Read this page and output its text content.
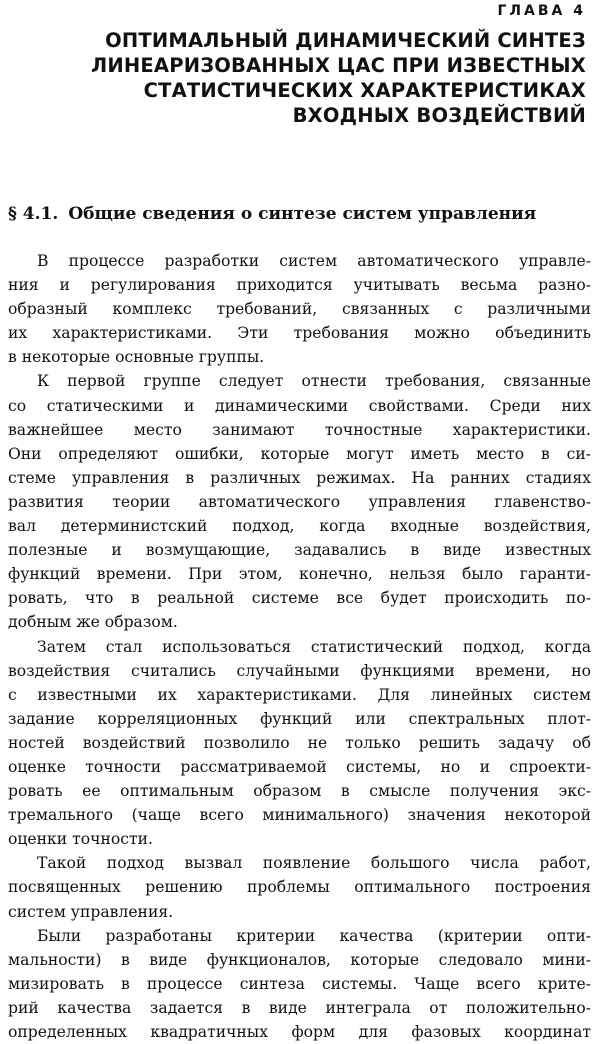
ГЛАВА 4
ОПТИМАЛЬНЫЙ ДИНАМИЧЕСКИЙ СИНТЕЗ
ЛИНЕАРИЗОВАННЫХ ЦАС ПРИ ИЗВЕСТНЫХ
СТАТИСТИЧЕСКИХ ХАРАКТЕРИСТИКАХ
ВХОДНЫХ ВОЗДЕЙСТВИЙ
§ 4.1. Общие сведения о синтезе систем управления
В процессе разработки систем автоматического управле-
ния и регулирования приходится учитывать весьма разно-
образный комплекс требований, связанных с различными
их характеристиками. Эти требования можно объединить
в некоторые основные группы.
К первой группе следует отнести требования, связанные
со статическими и динамическими свойствами. Среди них
важнейшее место занимают точностные характеристики.
Они определяют ошибки, которые могут иметь место в си-
стеме управления в различных режимах. На ранних стадиях
развития теории автоматического управления главенство-
вал детерминистский подход, когда входные воздействия,
полезные и возмущающие, задавались в виде известных
функций времени. При этом, конечно, нельзя было гаранти-
ровать, что в реальной системе все будет происходить по-
добным же образом.
Затем стал использоваться статистический подход, когда
воздействия считались случайными функциями времени, но
с известными их характеристиками. Для линейных систем
задание корреляционных функций или спектральных плот-
ностей воздействий позволило не только решить задачу об
оценке точности рассматриваемой системы, но и спроекти-
ровать ее оптимальным образом в смысле получения экс-
тремального (чаще всего минимального) значения некоторой
оценки точности.
Такой подход вызвал появление большого числа работ,
посвященных решению проблемы оптимального построения
систем управления.
Были разработаны критерии качества (критерии опти-
мальности) в виде функционалов, которые следовало мини-
мизировать в процессе синтеза системы. Чаще всего крите-
рий качества задается в виде интеграла от положительно-
определенных квадратичных форм для фазовых координат
